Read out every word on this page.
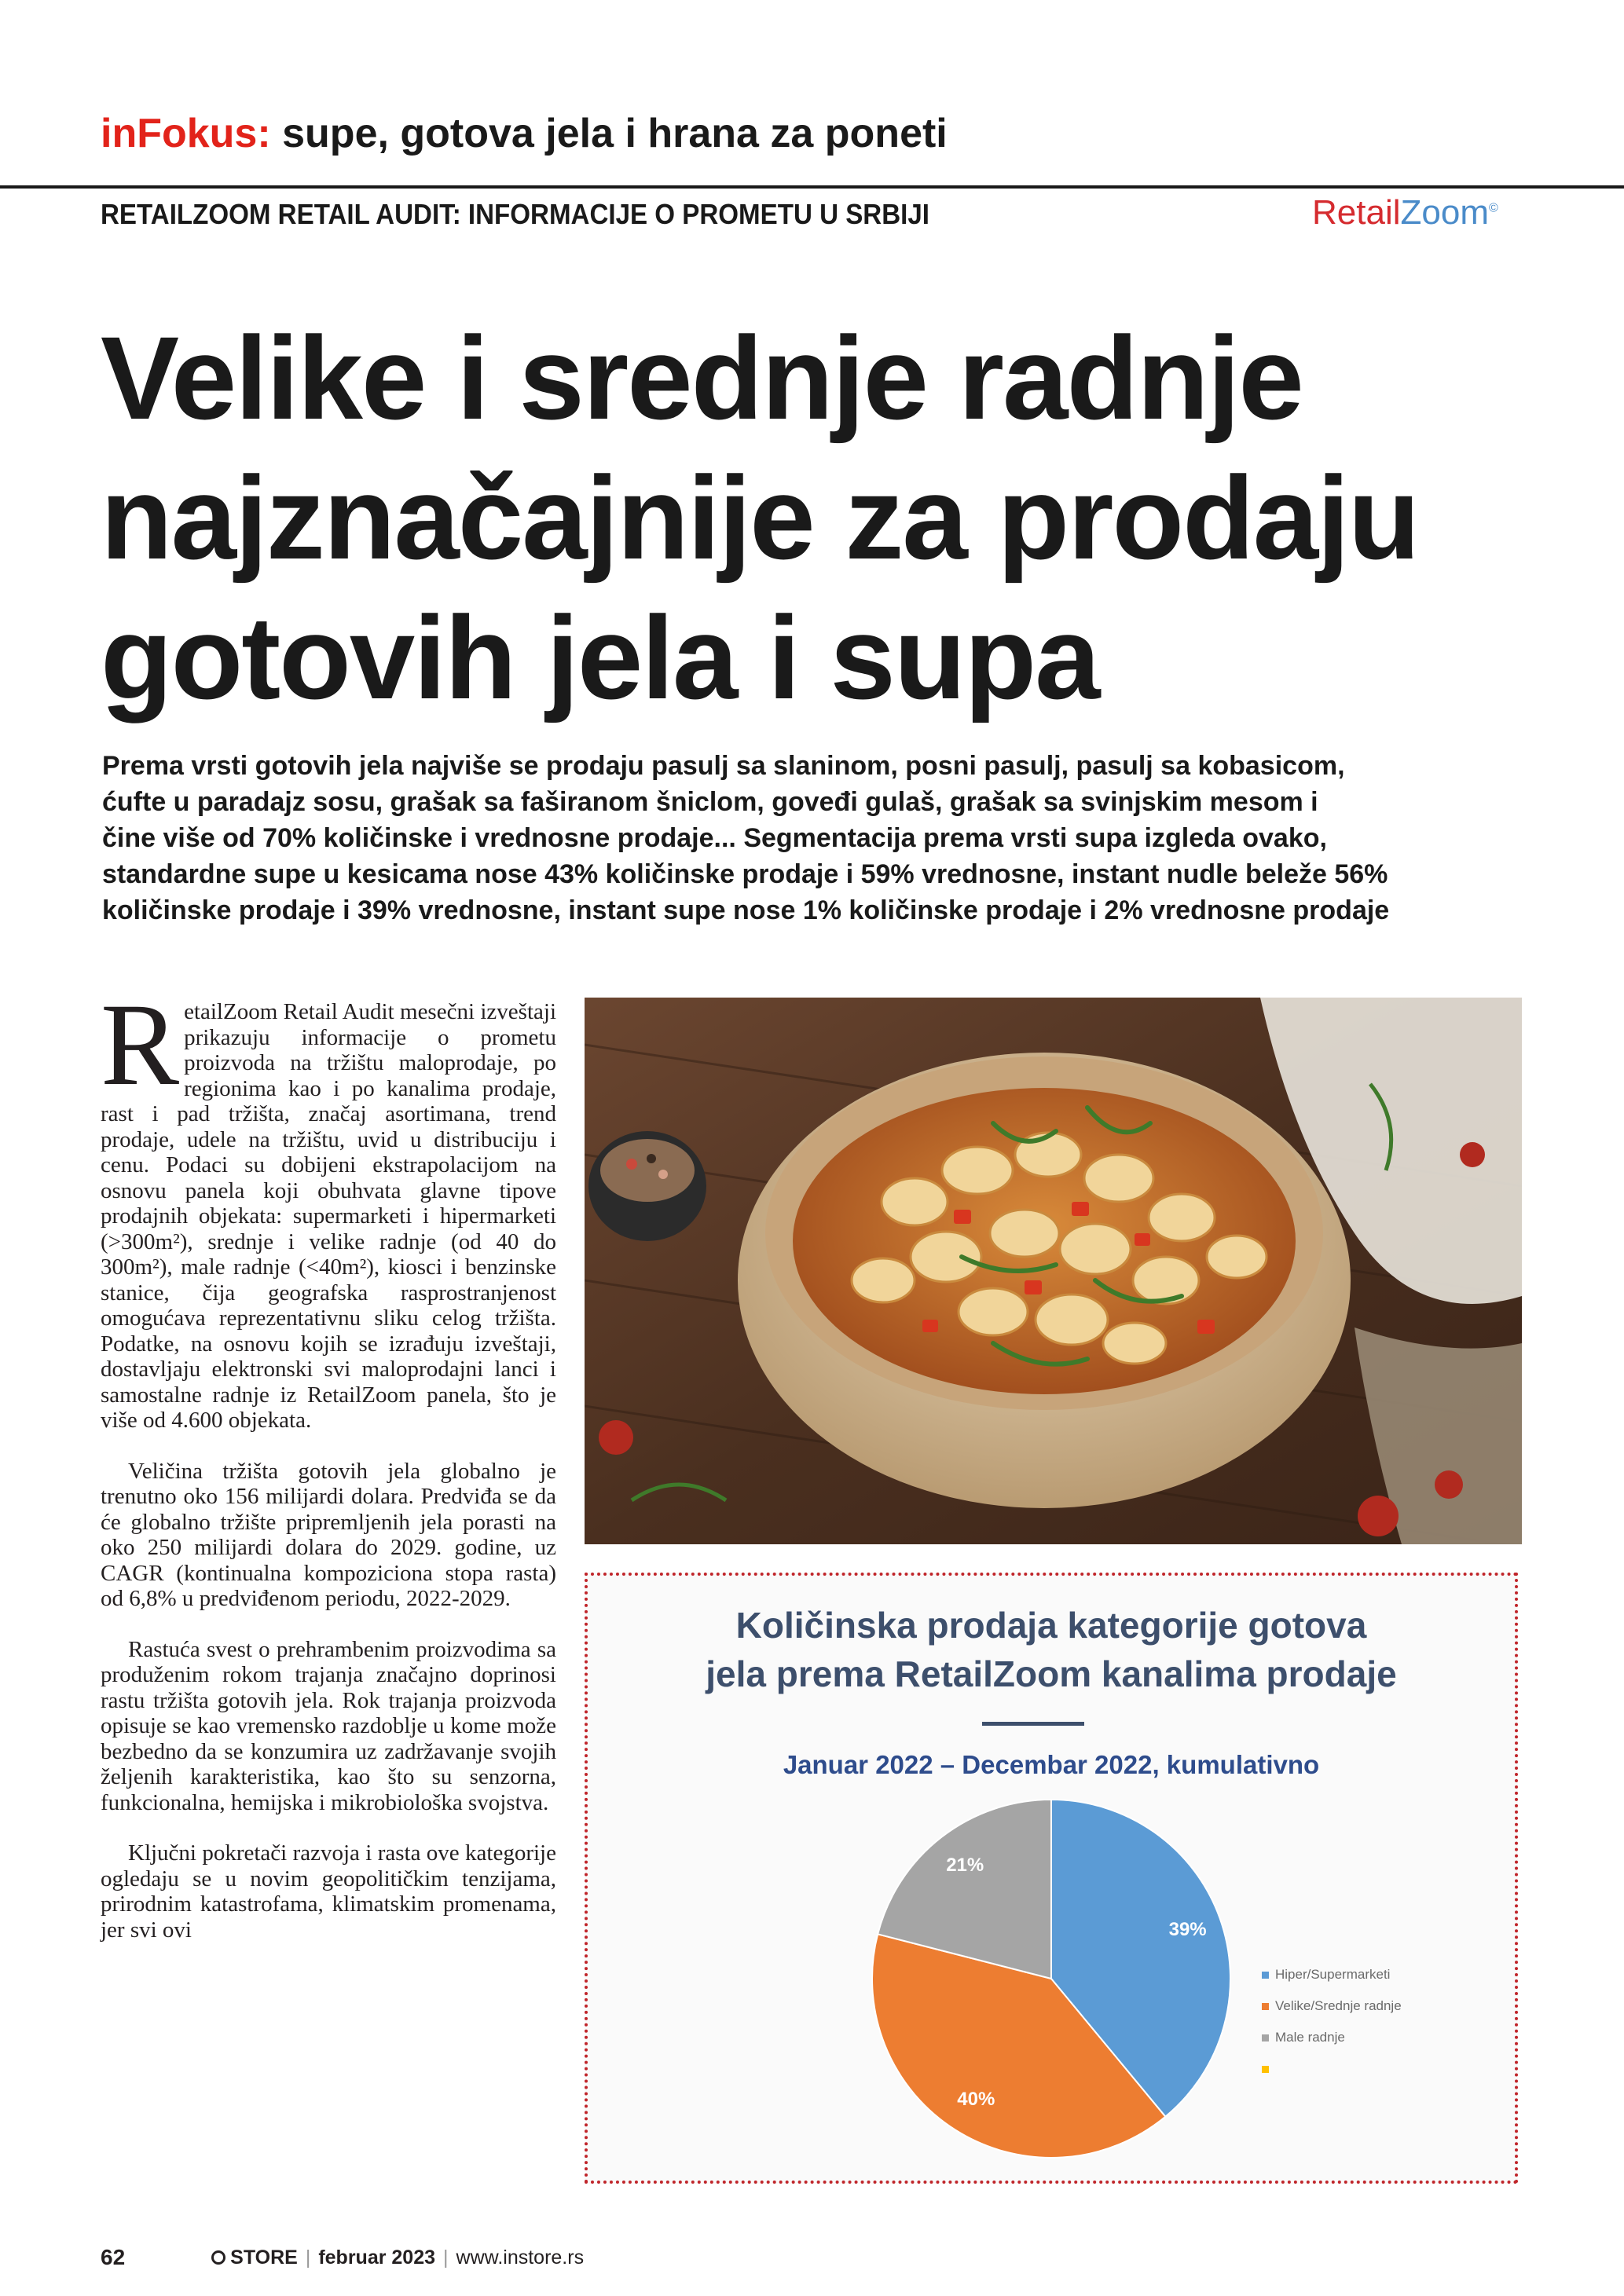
inFokus: supe, gotova jela i hrana za poneti
RETAILZOOM RETAIL AUDIT: INFORMACIJE O PROMETU U SRBIJI	RetailZoom©
Velike i srednje radnje
najznačajnije za prodaju
gotovih jela i supa
Prema vrsti gotovih jela najviše se prodaju pasulj sa slaninom, posni pasulj, pasulj sa kobasicom,
ćufte u paradajz sosu, grašak sa faširanom šniclom, goveđi gulaš, grašak sa svinjskim mesom i
čine više od 70% količinske i vrednosne prodaje... Segmentacija prema vrsti supa izgleda ovako,
standardne supe u kesicama nose 43% količinske prodaje i 59% vrednosne, instant nudle beleže 56%
količinske prodaje i 39% vrednosne, instant supe nose 1% količinske prodaje i 2% vrednosne prodaje

RetailZoom Retail Audit mesečni izveštaji prikazuju informacije o prometu proizvoda na tržištu maloprodaje, po regionima kao i po kanalima prodaje, rast i pad tržišta, značaj asortimana, trend prodaje, udele na tržištu, uvid u distribuciju i cenu. Podaci su dobijeni ekstrapolacijom na osnovu panela koji obuhvata glavne tipove prodajnih objekata: supermarketi i hipermarketi (>300m²), srednje i velike radnje (od 40 do 300m²), male radnje (<40m²), kiosci i benzinske stanice, čija geografska rasprostranjenost omogućava reprezentativnu sliku celog tržišta. Podatke, na osnovu kojih se izrađuju izveštaji, dostavljaju elektronski svi maloprodajni lanci i samostalne radnje iz RetailZoom panela, što je više od 4.600 objekata.

Veličina tržišta gotovih jela globalno je trenutno oko 156 milijardi dolara. Predviđa se da će globalno tržište pripremljenih jela porasti na oko 250 milijardi dolara do 2029. godine, uz CAGR (kontinualna kompoziciona stopa rasta) od 6,8% u predviđenom periodu, 2022-2029.

Rastuća svest o prehrambenim proizvodima sa produženim rokom trajanja značajno doprinosi rastu tržišta gotovih jela. Rok trajanja proizvoda opisuje se kao vremensko razdoblje u kome može bezbedno da se konzumira uz zadržavanje svojih željenih karakteristika, kao što su senzorna, funkcionalna, hemijska i mikrobiološka svojstva.

Ključni pokretači razvoja i rasta ove kategorije ogledaju se u novim geopolitičkim tenzijama, prirodnim katastrofama, klimatskim promenama, jer svi ovi

Količinska prodaja kategorije gotova
jela prema RetailZoom kanalima prodaje
Januar 2022 – Decembar 2022, kumulativno
39%
40%
21%
Hiper/Supermarketi
Velike/Srednje radnje
Male radnje
62	STORE | februar 2023 | www.instore.rs
